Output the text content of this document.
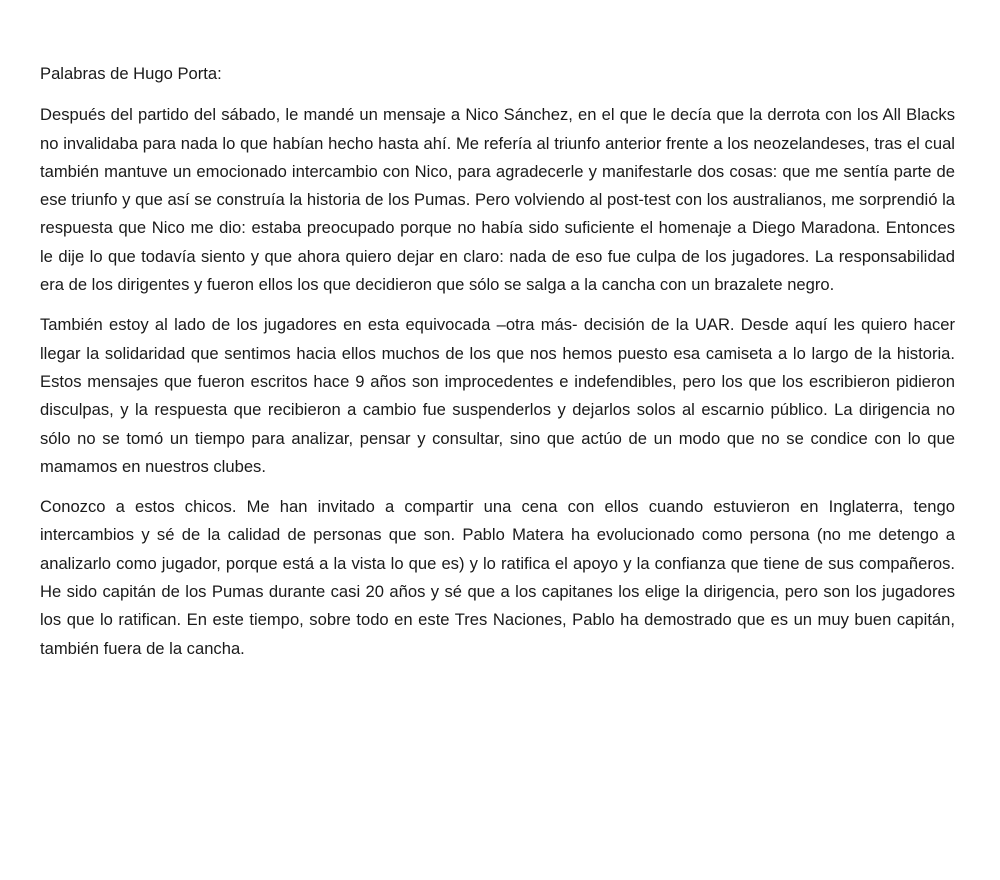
Palabras de Hugo Porta:

Después del partido del sábado, le mandé un mensaje a Nico Sánchez, en el que le decía que la derrota con los All Blacks no invalidaba para nada lo que habían hecho hasta ahí. Me refería al triunfo anterior frente a los neozelandeses, tras el cual también mantuve un emocionado intercambio con Nico, para agradecerle y manifestarle dos cosas: que me sentía parte de ese triunfo y que así se construía la historia de los Pumas. Pero volviendo al post-test con los australianos, me sorprendió la respuesta que Nico me dio: estaba preocupado porque no había sido suficiente el homenaje a Diego Maradona. Entonces le dije lo que todavía siento y que ahora quiero dejar en claro: nada de eso fue culpa de los jugadores. La responsabilidad era de los dirigentes y fueron ellos los que decidieron que sólo se salga a la cancha con un brazalete negro.

También estoy al lado de los jugadores en esta equivocada –otra más- decisión de la UAR. Desde aquí les quiero hacer llegar la solidaridad que sentimos hacia ellos muchos de los que nos hemos puesto esa camiseta a lo largo de la historia. Estos mensajes que fueron escritos hace 9 años son improcedentes e indefendibles, pero los que los escribieron pidieron disculpas, y la respuesta que recibieron a cambio fue suspenderlos y dejarlos solos al escarnio público. La dirigencia no sólo no se tomó un tiempo para analizar, pensar y consultar, sino que actúo de un modo que no se condice con lo que mamamos en nuestros clubes.

Conozco a estos chicos. Me han invitado a compartir una cena con ellos cuando estuvieron en Inglaterra, tengo intercambios y sé de la calidad de personas que son. Pablo Matera ha evolucionado como persona (no me detengo a analizarlo como jugador, porque está a la vista lo que es) y lo ratifica el apoyo y la confianza que tiene de sus compañeros. He sido capitán de los Pumas durante casi 20 años y sé que a los capitanes los elige la dirigencia, pero son los jugadores los que lo ratifican. En este tiempo, sobre todo en este Tres Naciones, Pablo ha demostrado que es un muy buen capitán, también fuera de la cancha.
